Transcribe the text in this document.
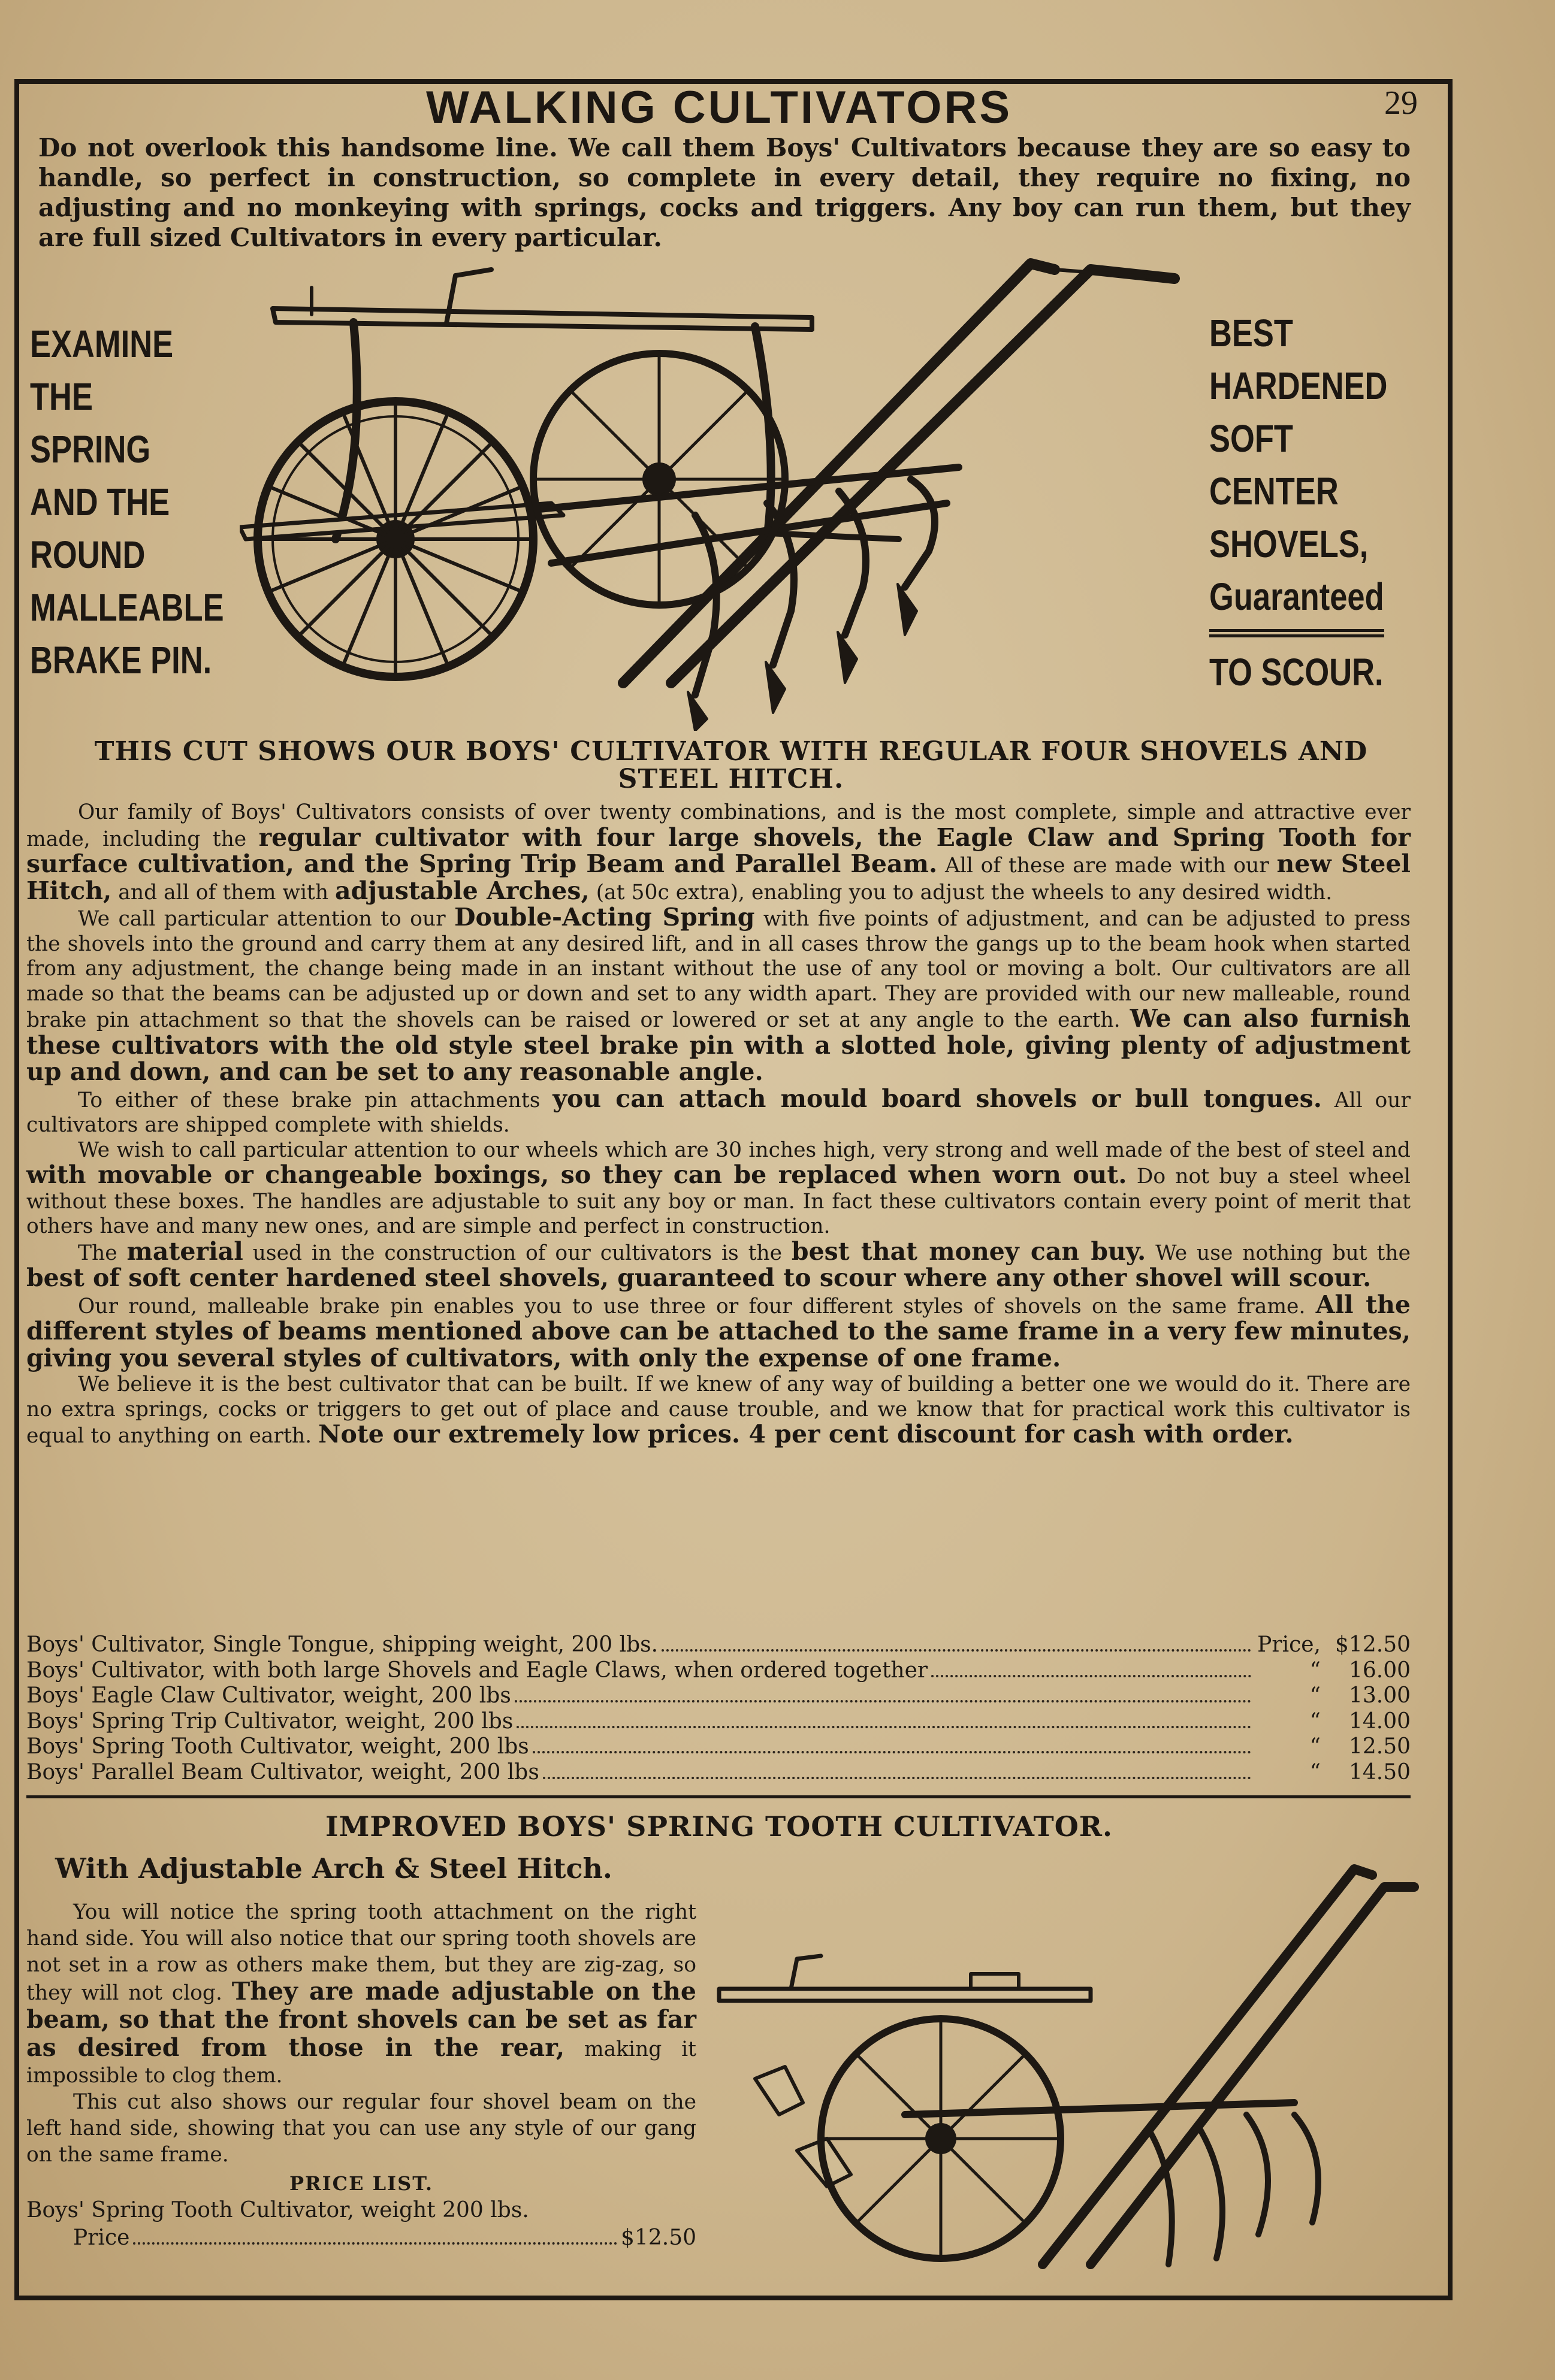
WALKING CULTIVATORS	29
Do not overlook this handsome line. We call them Boys' Cultivators because they are so easy to handle, so perfect in construction, so complete in every detail, they require no fixing, no adjusting and no monkeying with springs, cocks and triggers. Any boy can run them, but they are full sized Cultivators in every particular.
EXAMINE
THE
SPRING
AND THE
ROUND
MALLEABLE
BRAKE PIN.
BEST
HARDENED
SOFT
CENTER
SHOVELS,
Guaranteed
TO SCOUR.
THIS CUT SHOWS OUR BOYS' CULTIVATOR WITH REGULAR FOUR SHOVELS AND STEEL HITCH.

Our family of Boys' Cultivators consists of over twenty combinations, and is the most complete, simple and attractive ever made, including the regular cultivator with four large shovels, the Eagle Claw and Spring Tooth for surface cultivation, and the Spring Trip Beam and Parallel Beam. All of these are made with our new Steel Hitch, and all of them with adjustable Arches, (at 50c extra), enabling you to adjust the wheels to any desired width.

We call particular attention to our Double-Acting Spring with five points of adjustment, and can be adjusted to press the shovels into the ground and carry them at any desired lift, and in all cases throw the gangs up to the beam hook when started from any adjustment, the change being made in an instant without the use of any tool or moving a bolt. Our cultivators are all made so that the beams can be adjusted up or down and set to any width apart. They are provided with our new malleable, round brake pin attachment so that the shovels can be raised or lowered or set at any angle to the earth. We can also furnish these cultivators with the old style steel brake pin with a slotted hole, giving plenty of adjustment up and down, and can be set to any reasonable angle.

To either of these brake pin attachments you can attach mould board shovels or bull tongues. All our cultivators are shipped complete with shields.

We wish to call particular attention to our wheels which are 30 inches high, very strong and well made of the best of steel and with movable or changeable boxings, so they can be replaced when worn out. Do not buy a steel wheel without these boxes. The handles are adjustable to suit any boy or man. In fact these cultivators contain every point of merit that others have and many new ones, and are simple and perfect in construction.

The material used in the construction of our cultivators is the best that money can buy. We use nothing but the best of soft center hardened steel shovels, guaranteed to scour where any other shovel will scour.

Our round, malleable brake pin enables you to use three or four different styles of shovels on the same frame. All the different styles of beams mentioned above can be attached to the same frame in a very few minutes, giving you several styles of cultivators, with only the expense of one frame.

We believe it is the best cultivator that can be built. If we knew of any way of building a better one we would do it. There are no extra springs, cocks or triggers to get out of place and cause trouble, and we know that for practical work this cultivator is equal to anything on earth. Note our extremely low prices. 4 per cent discount for cash with order.

Boys' Cultivator, Single Tongue, shipping weight, 200 lbs.	Price, $12.50
Boys' Cultivator, with both large Shovels and Eagle Claws, when ordered together	“	16.00
Boys' Eagle Claw Cultivator, weight, 200 lbs	“	13.00
Boys' Spring Trip Cultivator, weight, 200 lbs	“	14.00
Boys' Spring Tooth Cultivator, weight, 200 lbs	“	12.50
Boys' Parallel Beam Cultivator, weight, 200 lbs	“	14.50
IMPROVED BOYS' SPRING TOOTH CULTIVATOR.
With Adjustable Arch & Steel Hitch.

You will notice the spring tooth attachment on the right hand side. You will also notice that our spring tooth shovels are not set in a row as others make them, but they are zig-zag, so they will not clog. They are made adjustable on the beam, so that the front shovels can be set as far as desired from those in the rear, making it impossible to clog them.

This cut also shows our regular four shovel beam on the left hand side, showing that you can use any style of our gang on the same frame.

PRICE LIST.
Boys' Spring Tooth Cultivator, weight 200 lbs.
Price	$12.50
